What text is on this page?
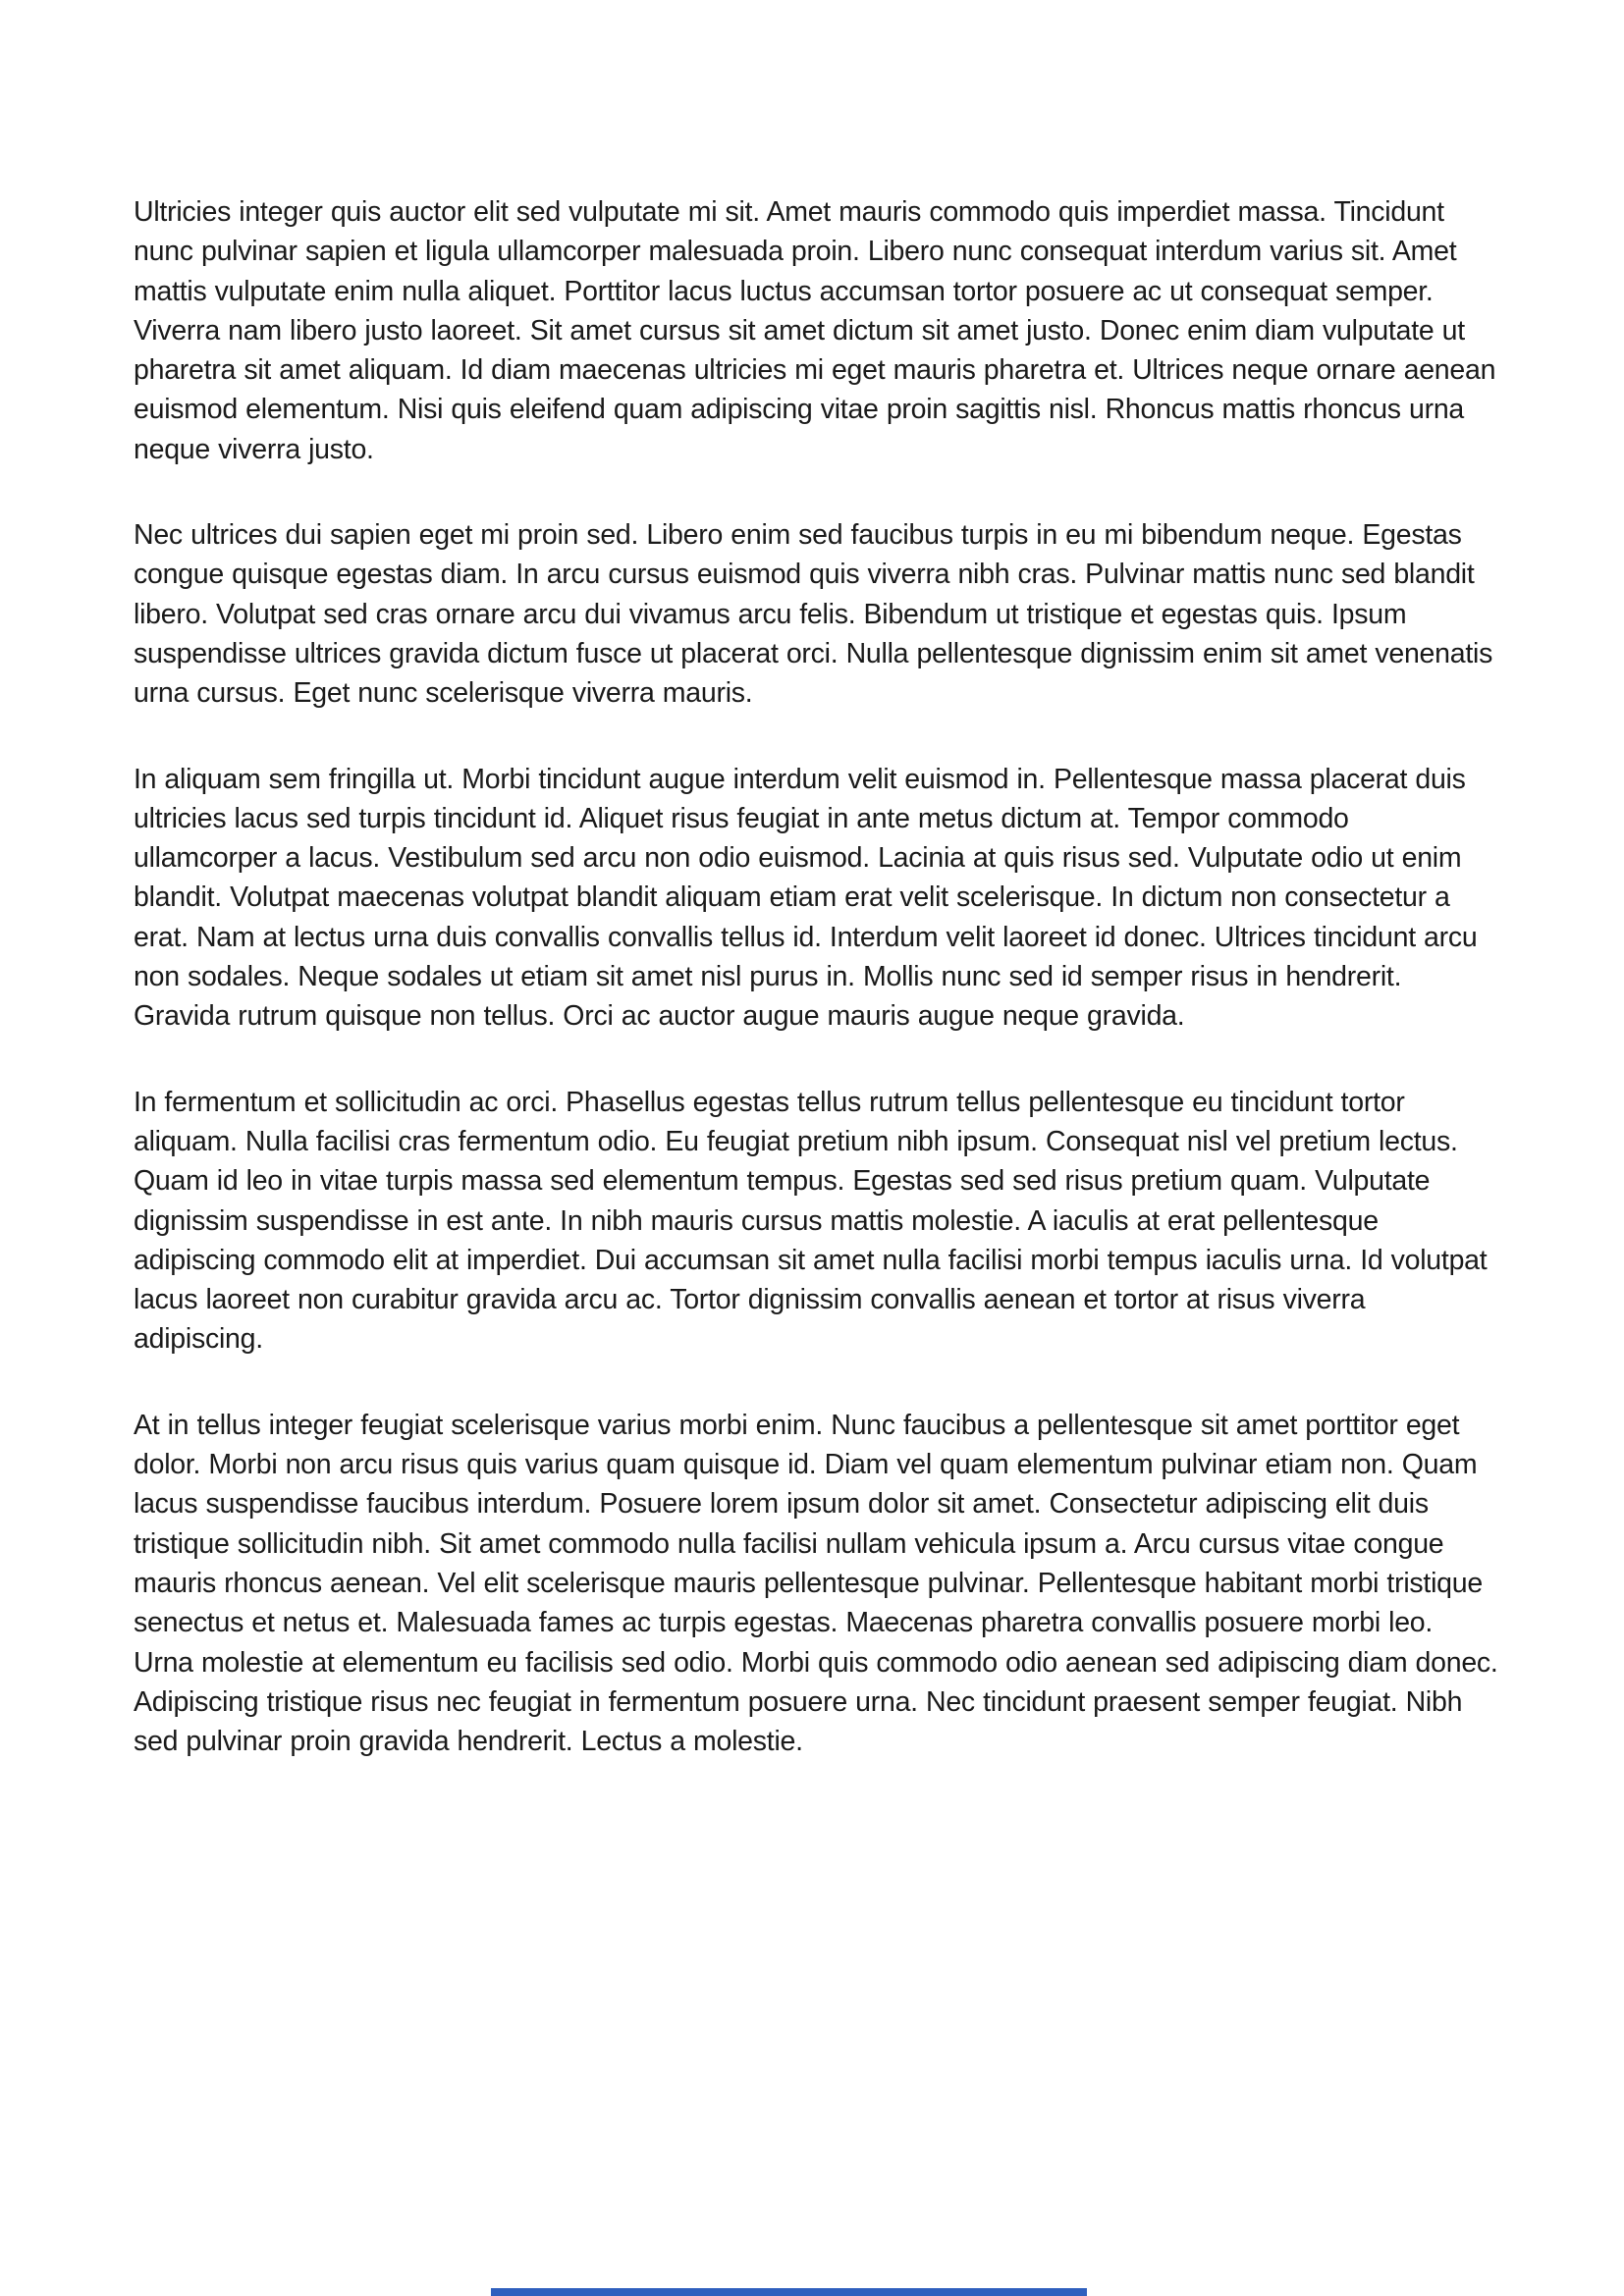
Ultricies integer quis auctor elit sed vulputate mi sit. Amet mauris commodo quis imperdiet massa. Tincidunt nunc pulvinar sapien et ligula ullamcorper malesuada proin. Libero nunc consequat interdum varius sit. Amet mattis vulputate enim nulla aliquet. Porttitor lacus luctus accumsan tortor posuere ac ut consequat semper. Viverra nam libero justo laoreet. Sit amet cursus sit amet dictum sit amet justo. Donec enim diam vulputate ut pharetra sit amet aliquam. Id diam maecenas ultricies mi eget mauris pharetra et. Ultrices neque ornare aenean euismod elementum. Nisi quis eleifend quam adipiscing vitae proin sagittis nisl. Rhoncus mattis rhoncus urna neque viverra justo.

Nec ultrices dui sapien eget mi proin sed. Libero enim sed faucibus turpis in eu mi bibendum neque. Egestas congue quisque egestas diam. In arcu cursus euismod quis viverra nibh cras. Pulvinar mattis nunc sed blandit libero. Volutpat sed cras ornare arcu dui vivamus arcu felis. Bibendum ut tristique et egestas quis. Ipsum suspendisse ultrices gravida dictum fusce ut placerat orci. Nulla pellentesque dignissim enim sit amet venenatis urna cursus. Eget nunc scelerisque viverra mauris.

In aliquam sem fringilla ut. Morbi tincidunt augue interdum velit euismod in. Pellentesque massa placerat duis ultricies lacus sed turpis tincidunt id. Aliquet risus feugiat in ante metus dictum at. Tempor commodo ullamcorper a lacus. Vestibulum sed arcu non odio euismod. Lacinia at quis risus sed. Vulputate odio ut enim blandit. Volutpat maecenas volutpat blandit aliquam etiam erat velit scelerisque. In dictum non consectetur a erat. Nam at lectus urna duis convallis convallis tellus id. Interdum velit laoreet id donec. Ultrices tincidunt arcu non sodales. Neque sodales ut etiam sit amet nisl purus in. Mollis nunc sed id semper risus in hendrerit. Gravida rutrum quisque non tellus. Orci ac auctor augue mauris augue neque gravida.

In fermentum et sollicitudin ac orci. Phasellus egestas tellus rutrum tellus pellentesque eu tincidunt tortor aliquam. Nulla facilisi cras fermentum odio. Eu feugiat pretium nibh ipsum. Consequat nisl vel pretium lectus. Quam id leo in vitae turpis massa sed elementum tempus. Egestas sed sed risus pretium quam. Vulputate dignissim suspendisse in est ante. In nibh mauris cursus mattis molestie. A iaculis at erat pellentesque adipiscing commodo elit at imperdiet. Dui accumsan sit amet nulla facilisi morbi tempus iaculis urna. Id volutpat lacus laoreet non curabitur gravida arcu ac. Tortor dignissim convallis aenean et tortor at risus viverra adipiscing.

At in tellus integer feugiat scelerisque varius morbi enim. Nunc faucibus a pellentesque sit amet porttitor eget dolor. Morbi non arcu risus quis varius quam quisque id. Diam vel quam elementum pulvinar etiam non. Quam lacus suspendisse faucibus interdum. Posuere lorem ipsum dolor sit amet. Consectetur adipiscing elit duis tristique sollicitudin nibh. Sit amet commodo nulla facilisi nullam vehicula ipsum a. Arcu cursus vitae congue mauris rhoncus aenean. Vel elit scelerisque mauris pellentesque pulvinar. Pellentesque habitant morbi tristique senectus et netus et. Malesuada fames ac turpis egestas. Maecenas pharetra convallis posuere morbi leo. Urna molestie at elementum eu facilisis sed odio. Morbi quis commodo odio aenean sed adipiscing diam donec. Adipiscing tristique risus nec feugiat in fermentum posuere urna. Nec tincidunt praesent semper feugiat. Nibh sed pulvinar proin gravida hendrerit. Lectus a molestie.
